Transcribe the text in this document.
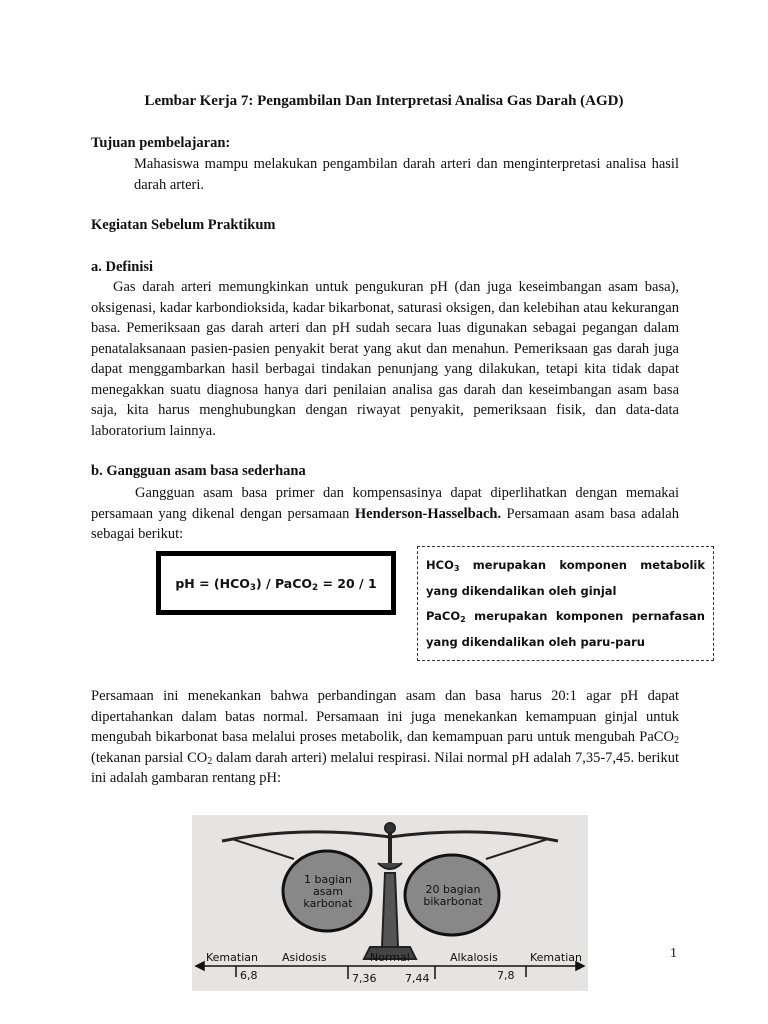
Lembar Kerja 7: Pengambilan Dan Interpretasi Analisa Gas Darah (AGD)
Tujuan pembelajaran:
Mahasiswa mampu melakukan pengambilan darah arteri dan menginterpretasi analisa hasil darah arteri.
Kegiatan Sebelum Praktikum
a. Definisi
Gas darah arteri memungkinkan untuk pengukuran pH (dan juga keseimbangan asam basa), oksigenasi, kadar karbondioksida, kadar bikarbonat, saturasi oksigen, dan kelebihan atau kekurangan basa. Pemeriksaan gas darah arteri dan pH sudah secara luas digunakan sebagai pegangan dalam penatalaksanaan pasien-pasien penyakit berat yang akut dan menahun. Pemeriksaan gas darah juga dapat menggambarkan hasil berbagai tindakan penunjang yang dilakukan, tetapi kita tidak dapat menegakkan suatu diagnosa hanya dari penilaian analisa gas darah dan keseimbangan asam basa saja, kita harus menghubungkan dengan riwayat penyakit, pemeriksaan fisik, dan data-data laboratorium lainnya.
b. Gangguan asam basa sederhana
Gangguan asam basa primer dan kompensasinya dapat diperlihatkan dengan memakai persamaan yang dikenal dengan persamaan Henderson-Hasselbach. Persamaan asam basa adalah sebagai berikut:
pH = $(HCO_3)$ / PaCO$_2$ = 20 / 1
$HCO_3$ merupakan komponen metabolik yang dikendalikan oleh ginjal
PaCO$_2$ merupakan komponen pernafasan yang dikendalikan oleh paru-paru
Persamaan ini menekankan bahwa perbandingan asam dan basa harus 20:1 agar pH dapat dipertahankan dalam batas normal. Persamaan ini juga menekankan kemampuan ginjal untuk mengubah bikarbonat basa melalui proses metabolik, dan kemampuan paru untuk mengubah PaCO$_2$ (tekanan parsial $CO_2$ dalam darah arteri) melalui respirasi. Nilai normal pH adalah 7,35-7,45. berikut ini adalah gambaran rentang pH:
1 bagian
asam
karbonat
20 bagian
bikarbonat
Kematian Asidosis	Normal	Alkalosis	Kematian
6,8	7,36	7,44	7,8
1
